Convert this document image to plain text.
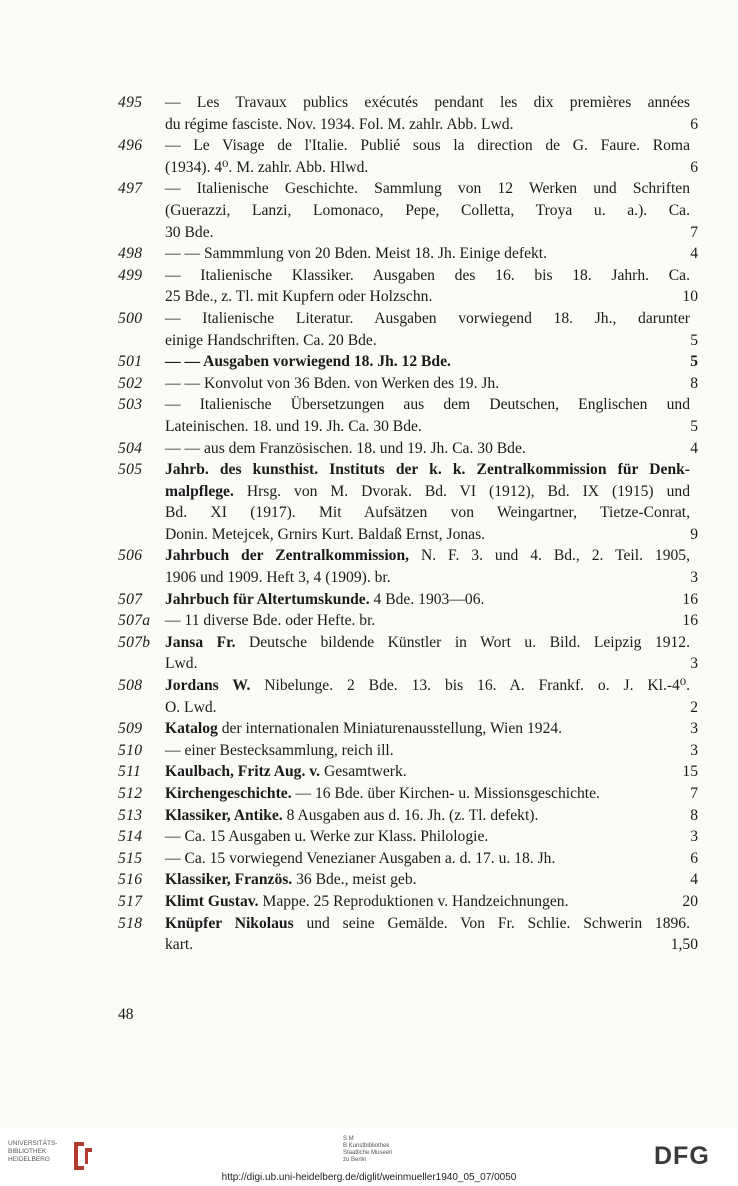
495 — Les Travaux publics exécutés pendant les dix premières années
du régime fasciste. Nov. 1934. Fol. M. zahlr. Abb. Lwd.	6
496 — Le Visage de l'Italie. Publié sous la direction de G. Faure. Roma
(1934). 4⁰. M. zahlr. Abb. Hlwd.	6
497 — Italienische Geschichte. Sammlung von 12 Werken und Schriften
(Guerazzi, Lanzi, Lomonaco, Pepe, Colletta, Troya u. a.). Ca.
30 Bde.	7
498 — — Sammmlung von 20 Bden. Meist 18. Jh. Einige defekt.	4
499 — Italienische Klassiker. Ausgaben des 16. bis 18. Jahrh. Ca.
25 Bde., z. Tl. mit Kupfern oder Holzschn.	10
500 — Italienische Literatur. Ausgaben vorwiegend 18. Jh., darunter
einige Handschriften. Ca. 20 Bde.	5
501 — — Ausgaben vorwiegend 18. Jh. 12 Bde.	5
502 — — Konvolut von 36 Bden. von Werken des 19. Jh.	8
503 — Italienische Übersetzungen aus dem Deutschen, Englischen und
Lateinischen. 18. und 19. Jh. Ca. 30 Bde.	5
504 — — aus dem Französischen. 18. und 19. Jh. Ca. 30 Bde.	4
505 Jahrb. des kunsthist. Instituts der k. k. Zentralkommission für Denk-
malpflege. Hrsg. von M. Dvorak. Bd. VI (1912), Bd. IX (1915) und
Bd. XI (1917). Mit Aufsätzen von Weingartner, Tietze-Conrat,
Donin. Metejcek, Grnirs Kurt. Baldaß Ernst, Jonas.	9
506 Jahrbuch der Zentralkommission, N. F. 3. und 4. Bd., 2. Teil. 1905,
1906 und 1909. Heft 3, 4 (1909). br.	3
507 Jahrbuch für Altertumskunde. 4 Bde. 1903—06.	16
507a — 11 diverse Bde. oder Hefte. br.	16
507b Jansa Fr. Deutsche bildende Künstler in Wort u. Bild. Leipzig 1912.
Lwd.	3
508 Jordans W. Nibelunge. 2 Bde. 13. bis 16. A. Frankf. o. J. Kl.-4⁰.
O. Lwd.	2
509 Katalog der internationalen Miniaturenausstellung, Wien 1924.	3
510 — einer Bestecksammlung, reich ill.	3
511 Kaulbach, Fritz Aug. v. Gesamtwerk.	15
512 Kirchengeschichte. — 16 Bde. über Kirchen- u. Missionsgeschichte.	7
513 Klassiker, Antike. 8 Ausgaben aus d. 16. Jh. (z. Tl. defekt).	8
514 — Ca. 15 Ausgaben u. Werke zur Klass. Philologie.	3
515 — Ca. 15 vorwiegend Venezianer Ausgaben a. d. 17. u. 18. Jh.	6
516 Klassiker, Französ. 36 Bde., meist geb.	4
517 Klimt Gustav. Mappe. 25 Reproduktionen v. Handzeichnungen.	20
518 Knüpfer Nikolaus und seine Gemälde. Von Fr. Schlie. Schwerin 1896.
kart.	1,50
48
UNIVERSITÄTS-
BIBLIOTHEK
HEIDELBERG
S M
B Kunstbibliothek
Staatliche Museen
zu Berlin	DFG
http://digi.ub.uni-heidelberg.de/diglit/weinmueller1940_05_07/0050
